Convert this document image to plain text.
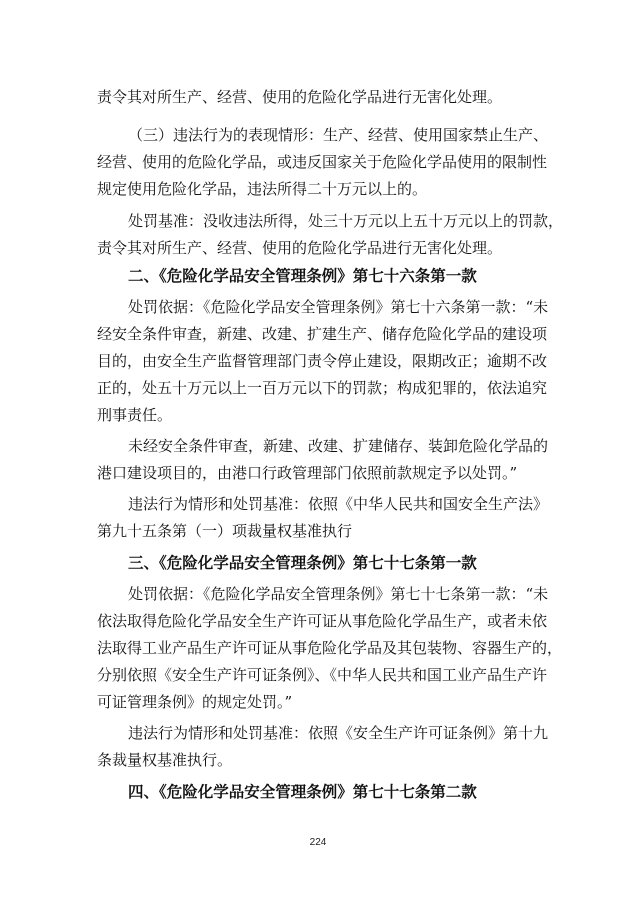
责令其对所生产、经营、使用的危险化学品进行无害化处理。
（三）违法行为的表现情形：生产、经营、使用国家禁止生产、
经营、使用的危险化学品，或违反国家关于危险化学品使用的限制性
规定使用危险化学品，违法所得二十万元以上的。
处罚基准：没收违法所得，处三十万元以上五十万元以上的罚款，
责令其对所生产、经营、使用的危险化学品进行无害化处理。
二、《危险化学品安全管理条例》第七十六条第一款
处罚依据：《危险化学品安全管理条例》第七十六条第一款：“未
经安全条件审查，新建、改建、扩建生产、储存危险化学品的建设项
目的，由安全生产监督管理部门责令停止建设，限期改正；逾期不改
正的，处五十万元以上一百万元以下的罚款；构成犯罪的，依法追究
刑事责任。
未经安全条件审查，新建、改建、扩建储存、装卸危险化学品的
港口建设项目的，由港口行政管理部门依照前款规定予以处罚。”
违法行为情形和处罚基准：依照《中华人民共和国安全生产法》
第九十五条第（一）项裁量权基准执行
三、《危险化学品安全管理条例》第七十七条第一款
处罚依据：《危险化学品安全管理条例》第七十七条第一款：“未
依法取得危险化学品安全生产许可证从事危险化学品生产，或者未依
法取得工业产品生产许可证从事危险化学品及其包装物、容器生产的，
分别依照《安全生产许可证条例》、《中华人民共和国工业产品生产许
可证管理条例》的规定处罚。”
违法行为情形和处罚基准：依照《安全生产许可证条例》第十九
条裁量权基准执行。
四、《危险化学品安全管理条例》第七十七条第二款
224
